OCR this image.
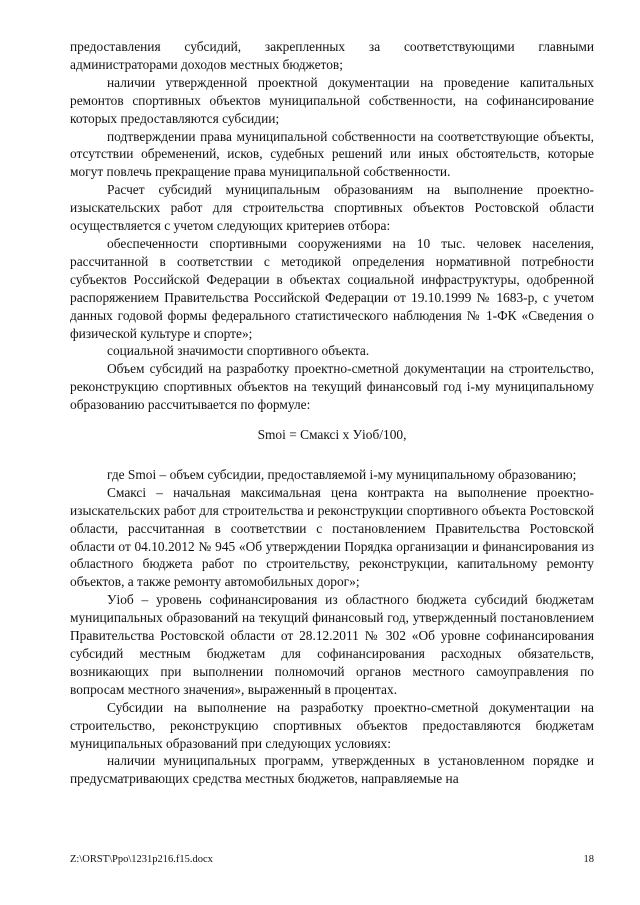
предоставления субсидий, закрепленных за соответствующими главными администраторами доходов местных бюджетов;

наличии утвержденной проектной документации на проведение капитальных ремонтов спортивных объектов муниципальной собственности, на софинансирование которых предоставляются субсидии;

подтверждении права муниципальной собственности на соответствующие объекты, отсутствии обременений, исков, судебных решений или иных обстоятельств, которые могут повлечь прекращение права муниципальной собственности.

Расчет субсидий муниципальным образованиям на выполнение проектно-изыскательских работ для строительства спортивных объектов Ростовской области осуществляется с учетом следующих критериев отбора:

обеспеченности спортивными сооружениями на 10 тыс. человек населения, рассчитанной в соответствии с методикой определения нормативной потребности субъектов Российской Федерации в объектах социальной инфраструктуры, одобренной распоряжением Правительства Российской Федерации от 19.10.1999 № 1683-р, с учетом данных годовой формы федерального статистического наблюдения № 1-ФК «Сведения о физической культуре и спорте»;

социальной значимости спортивного объекта.

Объем субсидий на разработку проектно-сметной документации на строительство, реконструкцию спортивных объектов на текущий финансовый год i-му муниципальному образованию рассчитывается по формуле:

Smoi = Смаксi х Уioб/100,

где Smoi – объем субсидии, предоставляемой i-му муниципальному образованию;

Смаксi – начальная максимальная цена контракта на выполнение проектно-изыскательских работ для строительства и реконструкции спортивного объекта Ростовской области, рассчитанная в соответствии с постановлением Правительства Ростовской области от 04.10.2012 № 945 «Об утверждении Порядка организации и финансирования из областного бюджета работ по строительству, реконструкции, капитальному ремонту объектов, а также ремонту автомобильных дорог»;

Уioб – уровень софинансирования из областного бюджета субсидий бюджетам муниципальных образований на текущий финансовый год, утвержденный постановлением Правительства Ростовской области от 28.12.2011 № 302 «Об уровне софинансирования субсидий местным бюджетам для софинансирования расходных обязательств, возникающих при выполнении полномочий органов местного самоуправления по вопросам местного значения», выраженный в процентах.

Субсидии на выполнение на разработку проектно-сметной документации на строительство, реконструкцию спортивных объектов предоставляются бюджетам муниципальных образований при следующих условиях:

наличии муниципальных программ, утвержденных в установленном порядке и предусматривающих средства местных бюджетов, направляемые на

Z:\ORST\Ppo\1231p216.f15.docx	18
